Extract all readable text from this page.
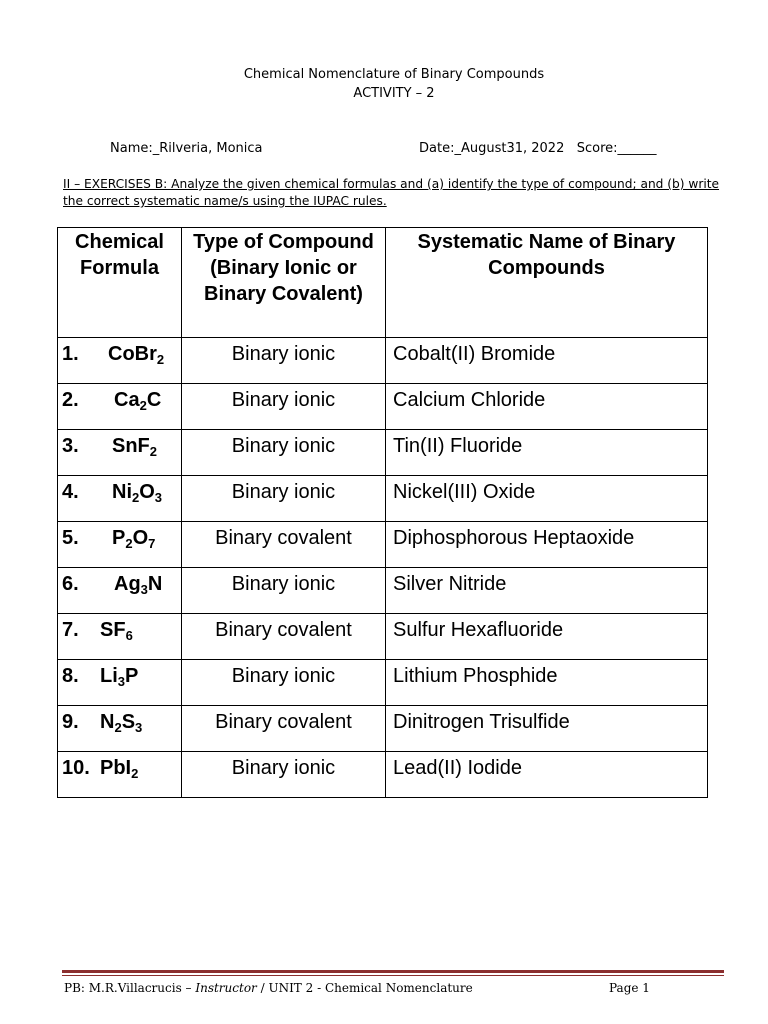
Chemical Nomenclature of Binary Compounds
ACTIVITY – 2
Name:_Rilveria, Monica	Date:_August31, 2022   Score:______
II – EXERCISES B: Analyze the given chemical formulas and (a) identify the type of compound; and (b) write the correct systematic name/s using the IUPAC rules.
Chemical Formula	Type of Compound (Binary Ionic or Binary Covalent)	Systematic Name of Binary Compounds
1. CoBr$_2$	Binary ionic	Cobalt(II) Bromide
2. $Ca_2C$	Binary ionic	Calcium Chloride
3. SnF$_2$	Binary ionic	Tin(II) Fluoride
4. $Ni_2O_3$	Binary ionic	Nickel(III) Oxide
5. $P_2O_7$	Binary covalent	Diphosphorous Heptaoxide
6. $Ag_3N$	Binary ionic	Silver Nitride
7. $SF_6$	Binary covalent	Sulfur Hexafluoride
8. $Li_3P$	Binary ionic	Lithium Phosphide
9. $N_2S_3$	Binary covalent	Dinitrogen Trisulfide
10. PbI$_2$	Binary ionic	Lead(II) Iodide
PB: M.R.Villacrucis – Instructor / UNIT 2 - Chemical Nomenclature	Page 1
